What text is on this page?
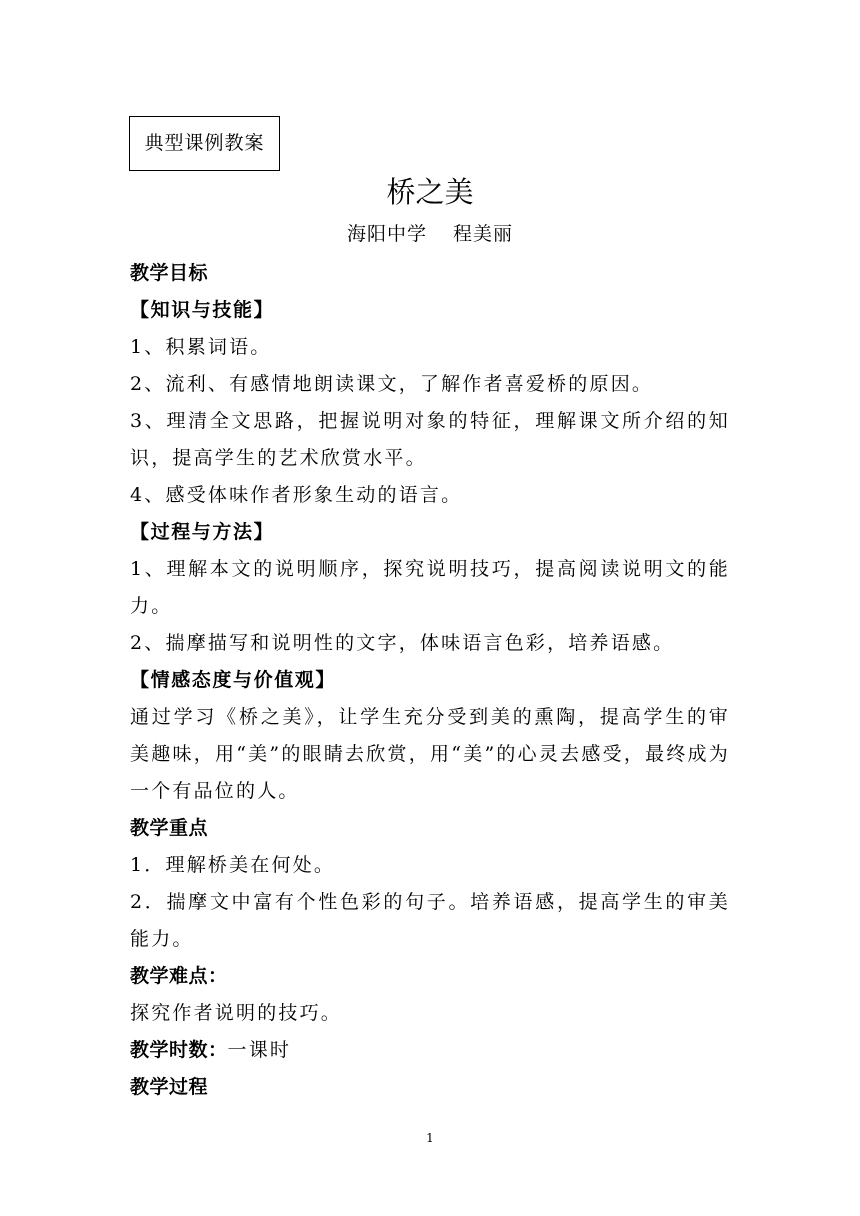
典型课例教案
桥之美
海阳中学 程美丽
教学目标
【知识与技能】
1、积累词语。
2、流利、有感情地朗读课文，了解作者喜爱桥的原因。
3、理清全文思路，把握说明对象的特征，理解课文所介绍的知识，提高学生的艺术欣赏水平。
4、感受体味作者形象生动的语言。
【过程与方法】
1、理解本文的说明顺序，探究说明技巧，提高阅读说明文的能力。
2、揣摩描写和说明性的文字，体味语言色彩，培养语感。
【情感态度与价值观】
通过学习《桥之美》，让学生充分受到美的熏陶，提高学生的审美趣味，用“美”的眼睛去欣赏，用“美”的心灵去感受，最终成为一个有品位的人。
教学重点
1．理解桥美在何处。
2．揣摩文中富有个性色彩的句子。培养语感，提高学生的审美能力。
教学难点：
探究作者说明的技巧。
教学时数：一课时
教学过程
1
